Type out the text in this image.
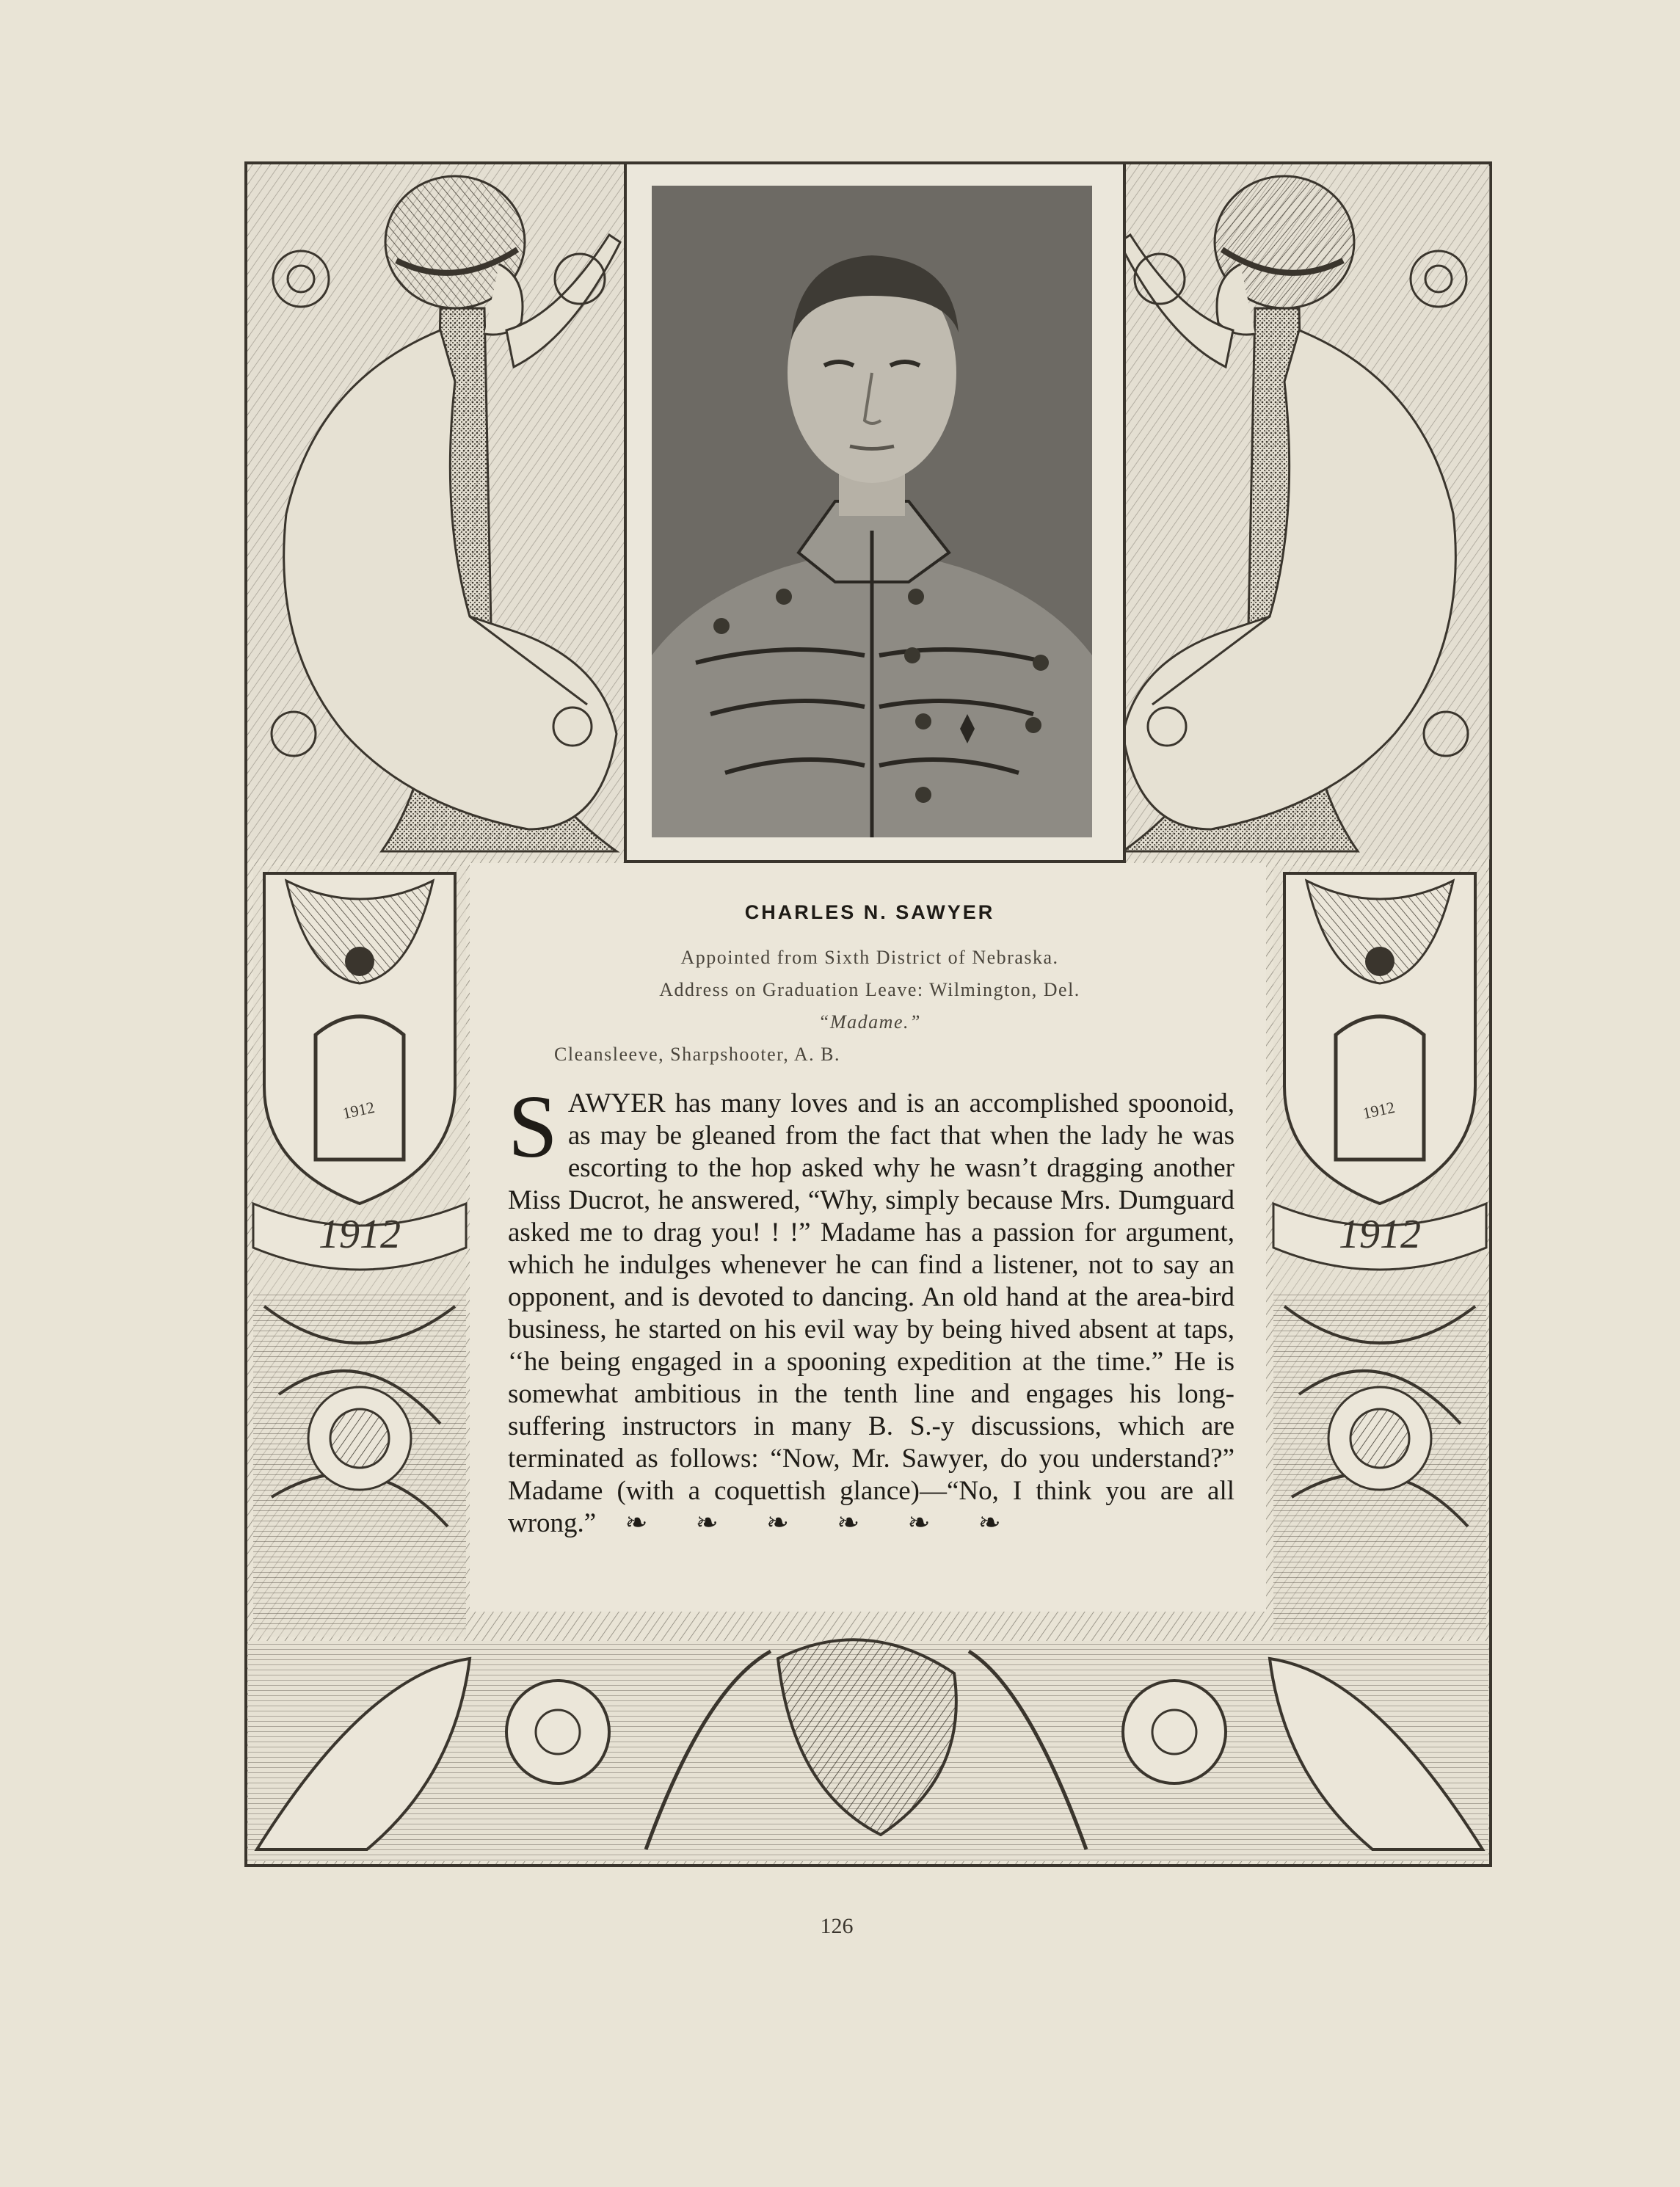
1912
1912
1912
1912
CHARLES N. SAWYER
Appointed from Sixth District of Nebraska.
Address on Graduation Leave: Wilmington, Del.
“Madame.”
Cleansleeve, Sharpshooter, A. B.
SAWYER has many loves and is an accomplished spoonoid, as may be gleaned from the fact that when the lady he was escorting to the hop asked why he wasn’t dragging another Miss Ducrot, he answered, “Why, simply because Mrs. Dumguard asked me to drag you! ! !” Madame has a passion for argument, which he indulges whenever he can find a listener, not to say an opponent, and is devoted to dancing. An old hand at the area-bird business, he started on his evil way by being hived absent at taps, ‘‘he being engaged in a spooning expedition at the time.” He is somewhat ambitious in the tenth line and engages his long-suffering instructors in many B. S.-y discussions, which are terminated as follows: “Now, Mr. Sawyer, do you understand?” Madame (with a coquettish glance)—“No, I think you are all wrong.” ❧ ❧ ❧ ❧ ❧ ❧
126
